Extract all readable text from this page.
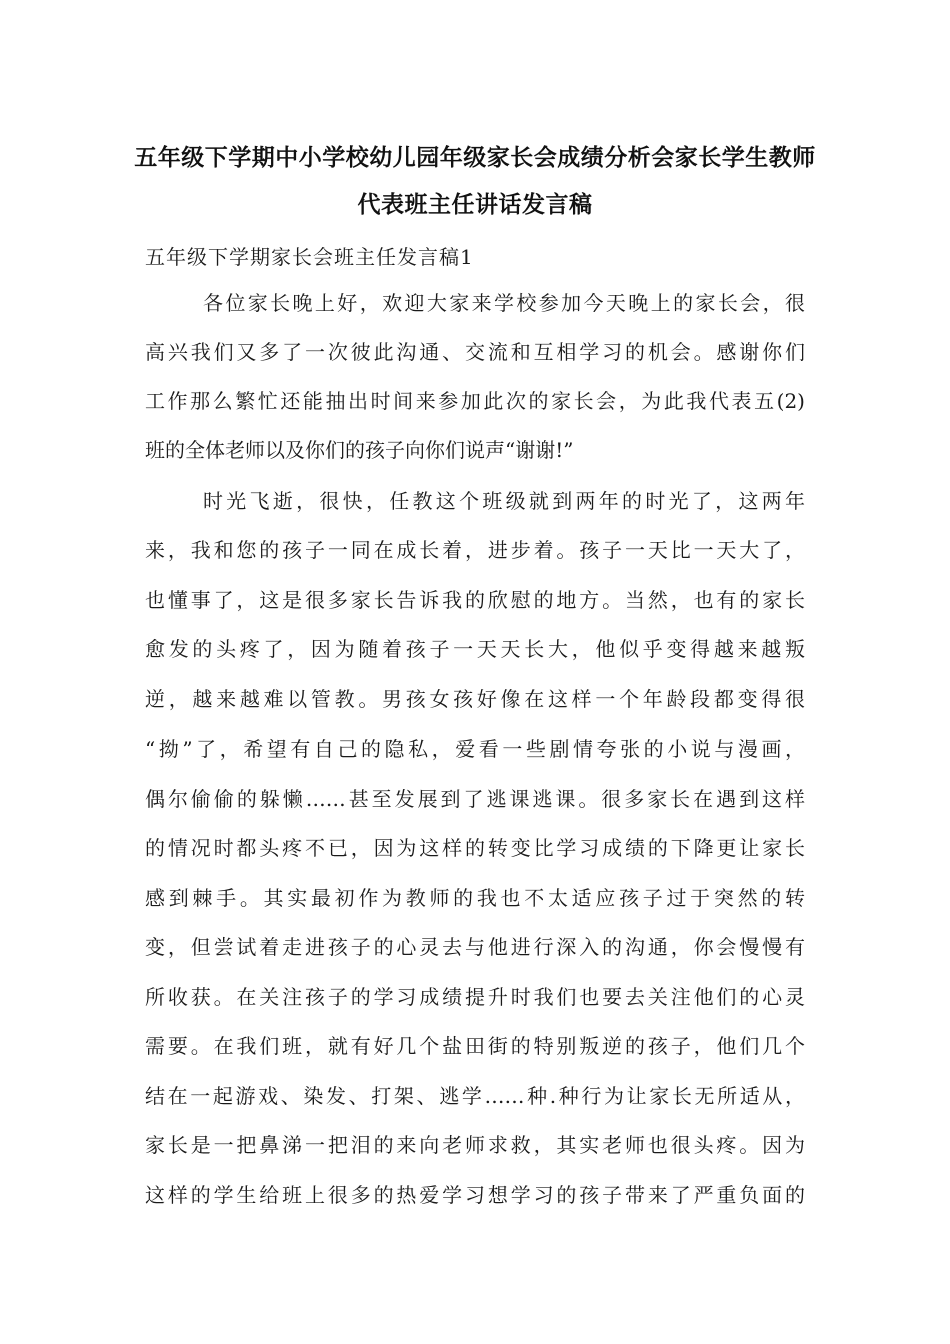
五年级下学期中小学校幼儿园年级家长会成绩分析会家长学生教师
代表班主任讲话发言稿
五年级下学期家长会班主任发言稿1
各位家长晚上好，欢迎大家来学校参加今天晚上的家长会，很
高兴我们又多了一次彼此沟通、交流和互相学习的机会。感谢你们
工作那么繁忙还能抽出时间来参加此次的家长会，为此我代表五(2)
班的全体老师以及你们的孩子向你们说声“谢谢!”
时光飞逝，很快，任教这个班级就到两年的时光了，这两年
来，我和您的孩子一同在成长着，进步着。孩子一天比一天大了，
也懂事了，这是很多家长告诉我的欣慰的地方。当然，也有的家长
愈发的头疼了，因为随着孩子一天天长大，他似乎变得越来越叛
逆，越来越难以管教。男孩女孩好像在这样一个年龄段都变得很
“拗”了，希望有自己的隐私，爱看一些剧情夸张的小说与漫画，
偶尔偷偷的躲懒……甚至发展到了逃课逃课。很多家长在遇到这样
的情况时都头疼不已，因为这样的转变比学习成绩的下降更让家长
感到棘手。其实最初作为教师的我也不太适应孩子过于突然的转
变，但尝试着走进孩子的心灵去与他进行深入的沟通，你会慢慢有
所收获。在关注孩子的学习成绩提升时我们也要去关注他们的心灵
需要。在我们班，就有好几个盐田街的特别叛逆的孩子，他们几个
结在一起游戏、染发、打架、逃学……种.种行为让家长无所适从，
家长是一把鼻涕一把泪的来向老师求救，其实老师也很头疼。因为
这样的学生给班上很多的热爱学习想学习的孩子带来了严重负面的
